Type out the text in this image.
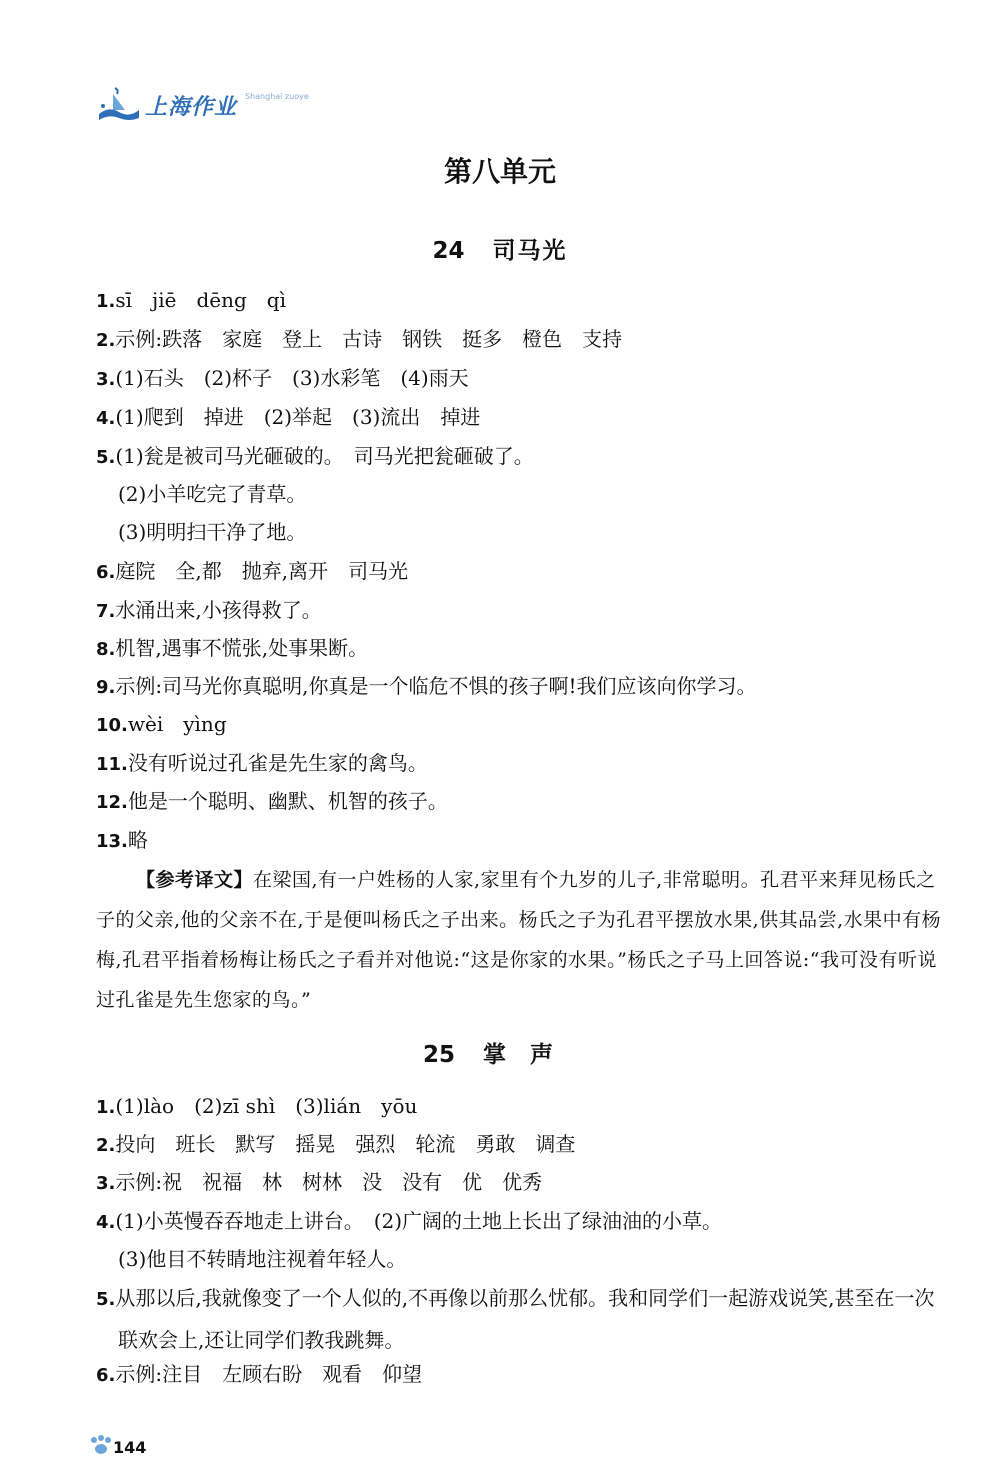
上海作业 Shanghai zuoye
第八单元
24 司马光
1.sī　jiē　dēng　qì
2.示例:跌落　家庭　登上　古诗　钢铁　挺多　橙色　支持
3.(1)石头　(2)杯子　(3)水彩笔　(4)雨天
4.(1)爬到　掉进　(2)举起　(3)流出　掉进
5.(1)瓮是被司马光砸破的。　司马光把瓮砸破了。
(2)小羊吃完了青草。
(3)明明扫干净了地。
6.庭院　全,都　抛弃,离开　司马光
7.水涌出来,小孩得救了。
8.机智,遇事不慌张,处事果断。
9.示例:司马光你真聪明,你真是一个临危不惧的孩子啊!我们应该向你学习。
10.wèi　yìng
11.没有听说过孔雀是先生家的禽鸟。
12.他是一个聪明、幽默、机智的孩子。
13.略
【参考译文】在梁国,有一户姓杨的人家,家里有个九岁的儿子,非常聪明。孔君平来拜见杨氏之子的父亲,他的父亲不在,于是便叫杨氏之子出来。杨氏之子为孔君平摆放水果,供其品尝,水果中有杨梅,孔君平指着杨梅让杨氏之子看并对他说:“这是你家的水果。”杨氏之子马上回答说:“我可没有听说过孔雀是先生您家的鸟。”
25 掌声
1.(1)lào　(2)zī shì　(3)lián　yōu
2.投向　班长　默写　摇晃　强烈　轮流　勇敢　调查
3.示例:祝　祝福　林　树林　没　没有　优　优秀
4.(1)小英慢吞吞地走上讲台。　(2)广阔的土地上长出了绿油油的小草。
(3)他目不转睛地注视着年轻人。
5.从那以后,我就像变了一个人似的,不再像以前那么忧郁。我和同学们一起游戏说笑,甚至在一次联欢会上,还让同学们教我跳舞。
6.示例:注目　左顾右盼　观看　仰望
144
